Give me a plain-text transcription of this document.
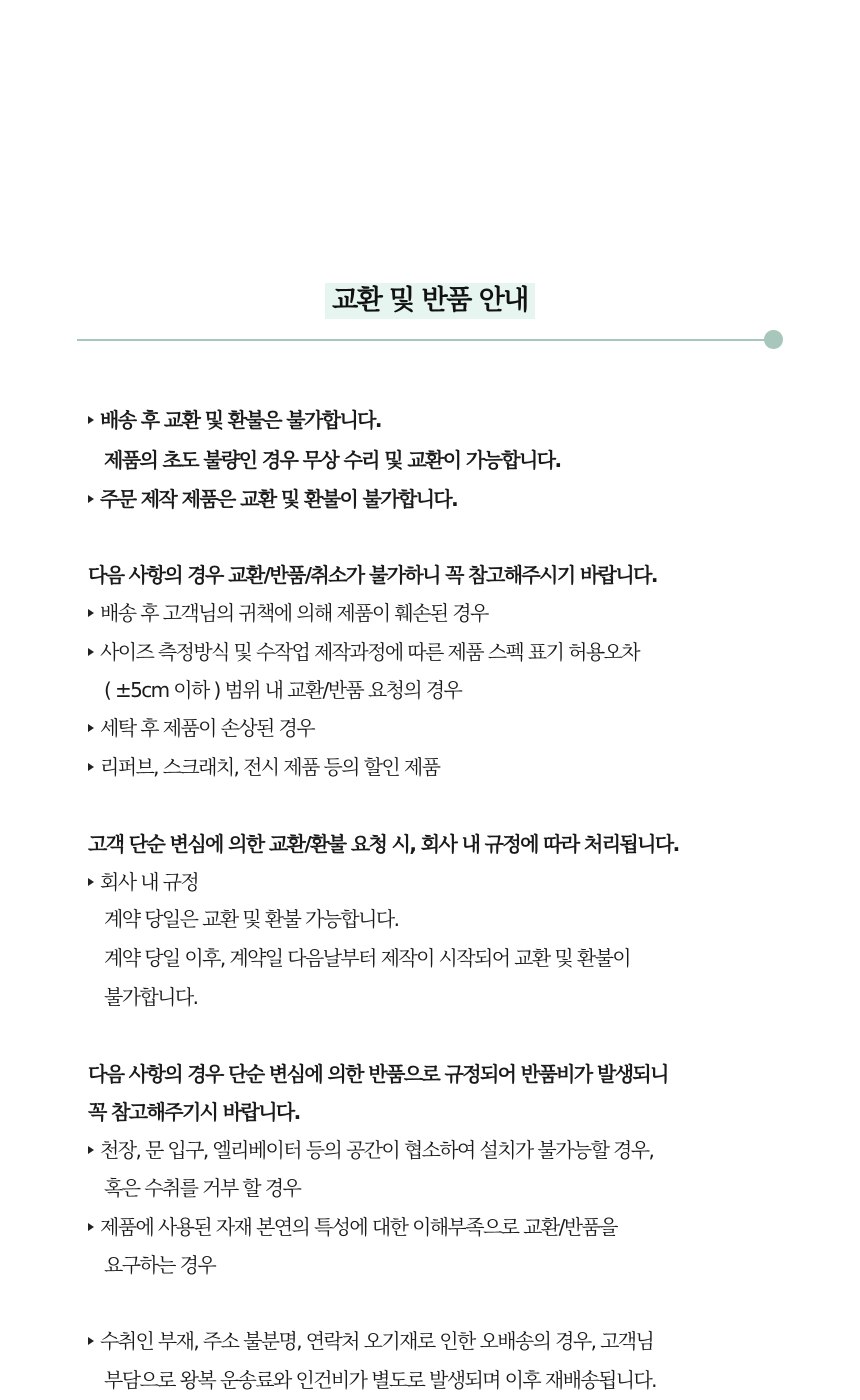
교환 및 반품 안내
배송 후 교환 및 환불은 불가합니다.
제품의 초도 불량인 경우 무상 수리 및 교환이 가능합니다.
주문 제작 제품은 교환 및 환불이 불가합니다.
다음 사항의 경우 교환/반품/취소가 불가하니 꼭 참고해주시기 바랍니다.
배송 후 고객님의 귀책에 의해 제품이 훼손된 경우
사이즈 측정방식 및 수작업 제작과정에 따른 제품 스펙 표기 허용오차
( ±5cm 이하 ) 범위 내 교환/반품 요청의 경우
세탁 후 제품이 손상된 경우
리퍼브, 스크래치, 전시 제품 등의 할인 제품
고객 단순 변심에 의한 교환/환불 요청 시, 회사 내 규정에 따라 처리됩니다.
회사 내 규정
계약 당일은 교환 및 환불 가능합니다.
계약 당일 이후, 계약일 다음날부터 제작이 시작되어 교환 및 환불이
불가합니다.
다음 사항의 경우 단순 변심에 의한 반품으로 규정되어 반품비가 발생되니
꼭 참고해주기시 바랍니다.
천장, 문 입구, 엘리베이터 등의 공간이 협소하여 설치가 불가능할 경우,
혹은 수취를 거부 할 경우
제품에 사용된 자재 본연의 특성에 대한 이해부족으로 교환/반품을
요구하는 경우
수취인 부재, 주소 불분명, 연락처 오기재로 인한 오배송의 경우, 고객님
부담으로 왕복 운송료와 인건비가 별도로 발생되며 이후 재배송됩니다.
